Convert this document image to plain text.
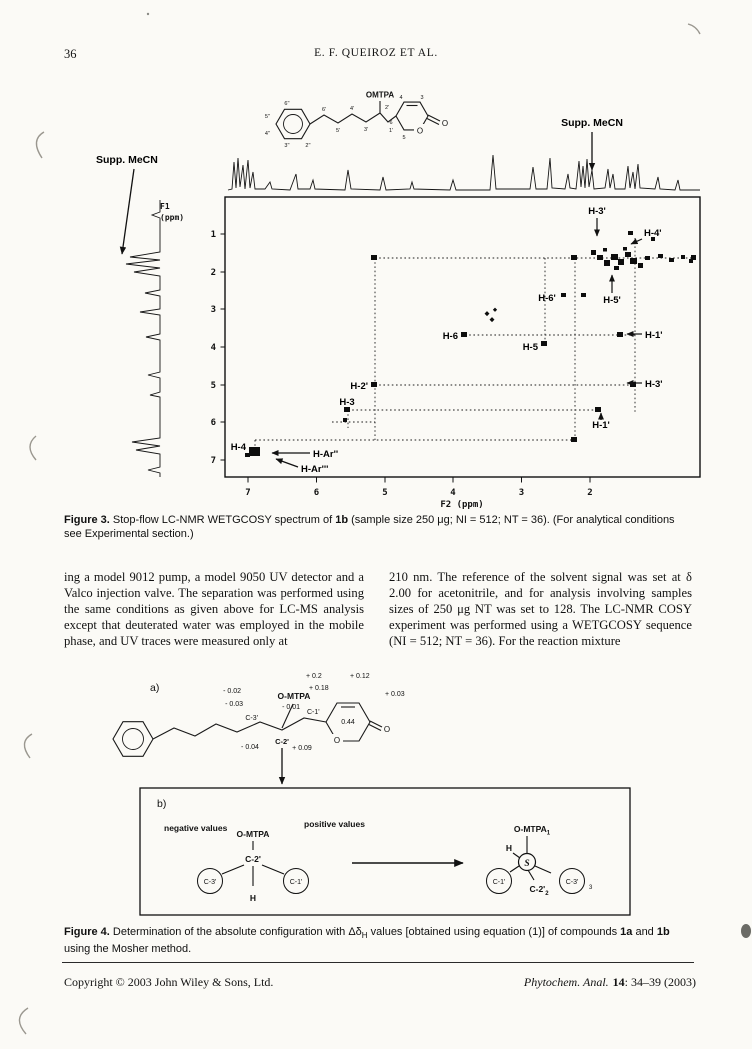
36	E. F. QUEIROZ ET AL.
O
O
OMTPA
6''
5''
4''
3''	2''
6'
5'
4'
3'
2'
1'
4	3
6
5
Supp. MeCN
Supp. MeCN
F1
(ppm)
1
2
3
4
5
6
7
7	6	5	4	3	2
F2 (ppm)
H-3'
H-4'
H-6'	H-5'
H-1'
H-6
H-5
H-3'
H-2'
H-1'
H-3
H-4
H-Ar''
H-Ar'''
Figure 3. Stop-flow LC-NMR WETGCOSY spectrum of 1b (sample size 250 μg; NI = 512; NT = 36). (For analytical conditions see Experimental section.)
ing a model 9012 pump, a model 9050 UV detector and a Valco injection valve. The separation was performed using the same conditions as given above for LC-MS analysis except that deuterated water was employed in the mobile phase, and UV traces were measured only at
210 nm. The reference of the solvent signal was set at δ 2.00 for acetonitrile, and for analysis involving samples sizes of 250 μg NT was set to 128. The LC-NMR COSY experiment was performed using a WETGCOSY sequence (NI = 512; NT = 36). For the reaction mixture
a)
O
O
O-MTPA
+ 0.2
+ 0.18
+ 0.12
+ 0.03
- 0.02
- 0.03	- 0.01
C-3'
C-2'
C-1'
- 0.04	+ 0.09
0.44
b)
negative values	positive values
O-MTPA
C-2'
C-3'	C-1'
H
$O-MTPA_1$
H
S
C-1'	C-3'
3
$C-2'_2$
Figure 4. Determination of the absolute configuration with $\Delta\delta_H$ values [obtained using equation (1)] of compounds 1a and 1b using the Mosher method.
Copyright © 2003 John Wiley & Sons, Ltd.	Phytochem. Anal. 14: 34–39 (2003)
